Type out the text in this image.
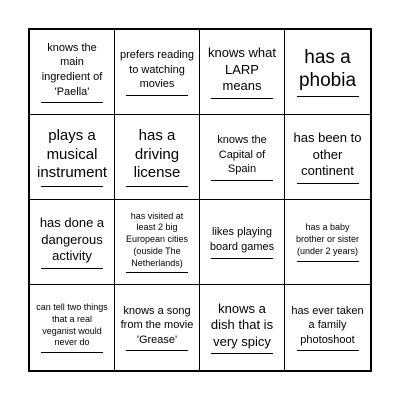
knows the main ingredient of 'Paella'
prefers reading to watching movies
knows what LARP means
has a phobia
plays a musical instrument
has a driving license
knows the Capital of Spain
has been to other continent
has done a dangerous activity
has visited at least 2 big European cities (ouside The Netherlands)
likes playing board games
has a baby brother or sister (under 2 years)
can tell two things that a real veganist would never do
knows a song from the movie 'Grease'
knows a dish that is very spicy
has ever taken a family photoshoot
